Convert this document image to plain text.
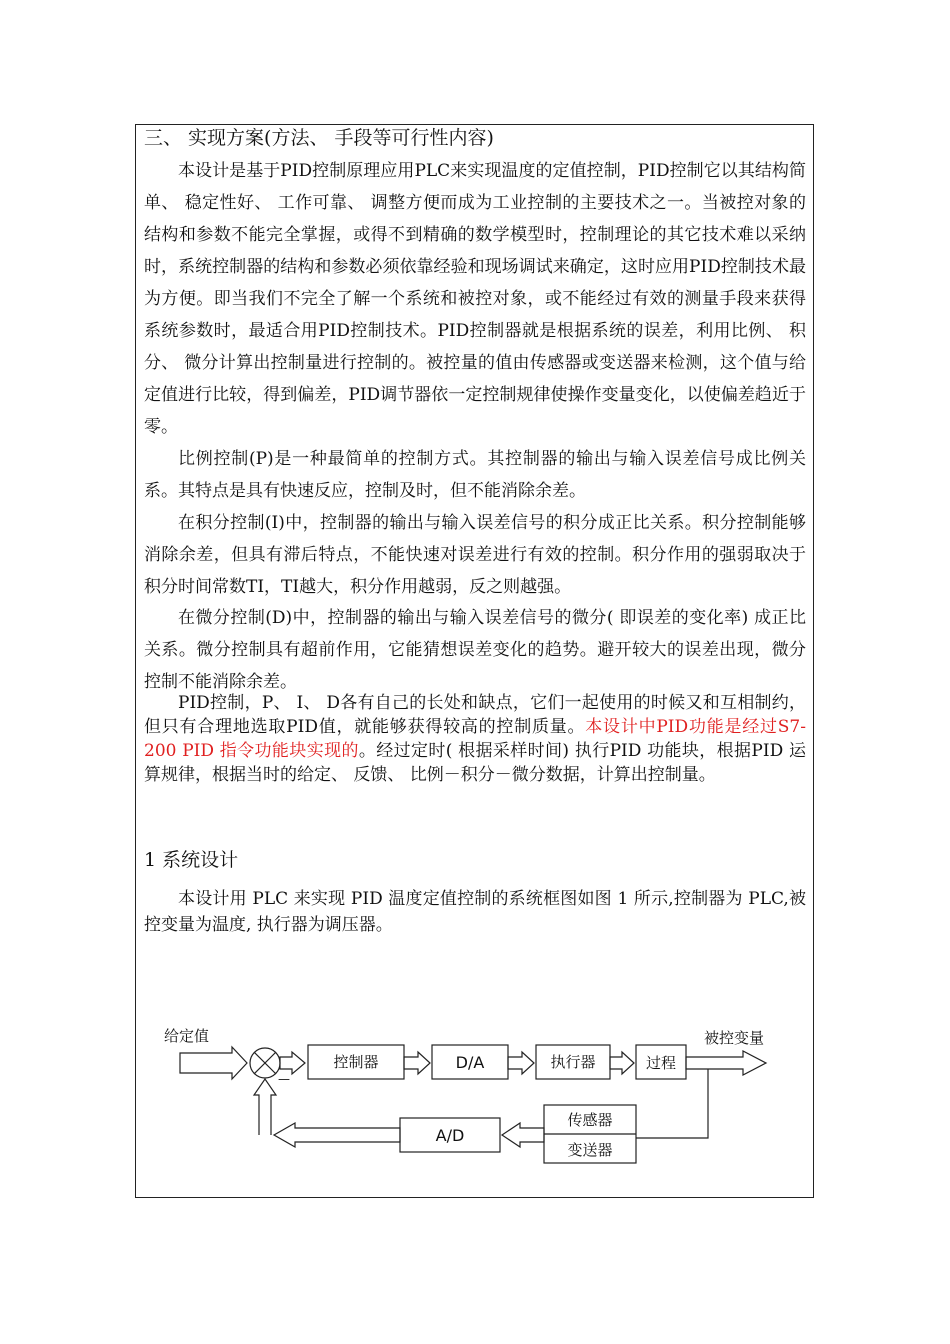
三、 实现方案(方法、 手段等可行性内容)

本设计是基于PID控制原理应用PLC来实现温度的定值控制，PID控制它以其结构简单、 稳定性好、 工作可靠、 调整方便而成为工业控制的主要技术之一。当被控对象的结构和参数不能完全掌握，或得不到精确的数学模型时，控制理论的其它技术难以采纳时，系统控制器的结构和参数必须依靠经验和现场调试来确定，这时应用PID控制技术最为方便。即当我们不完全了解一个系统和被控对象，或不能经过有效的测量手段来获得系统参数时，最适合用PID控制技术。PID控制器就是根据系统的误差，利用比例、 积分、 微分计算出控制量进行控制的。被控量的值由传感器或变送器来检测，这个值与给定值进行比较，得到偏差，PID调节器依一定控制规律使操作变量变化，以使偏差趋近于零。

比例控制(P)是一种最简单的控制方式。其控制器的输出与输入误差信号成比例关系。其特点是具有快速反应，控制及时，但不能消除余差。

在积分控制(I)中，控制器的输出与输入误差信号的积分成正比关系。积分控制能够消除余差，但具有滞后特点，不能快速对误差进行有效的控制。积分作用的强弱取决于积分时间常数TI，TI越大，积分作用越弱，反之则越强。

在微分控制(D)中，控制器的输出与输入误差信号的微分( 即误差的变化率) 成正比关系。微分控制具有超前作用，它能猜想误差变化的趋势。避开较大的误差出现，微分控制不能消除余差。

PID控制，P、 I、 D各有自己的长处和缺点，它们一起使用的时候又和互相制约，但只有合理地选取PID值，就能够获得较高的控制质量。本设计中PID功能是经过S7-200 PID 指令功能块实现的。经过定时( 根据采样时间) 执行PID 功能块，根据PID 运算规律，根据当时的给定、 反馈、 比例－积分－微分数据，计算出控制量。

1 系统设计

本设计用 PLC 来实现 PID 温度定值控制的系统框图如图 1 所示,控制器为 PLC,被控变量为温度, 执行器为调压器。

给定值	被控变量
—
控制器	D/A	执行器	过程
A/D
传感器
变送器
